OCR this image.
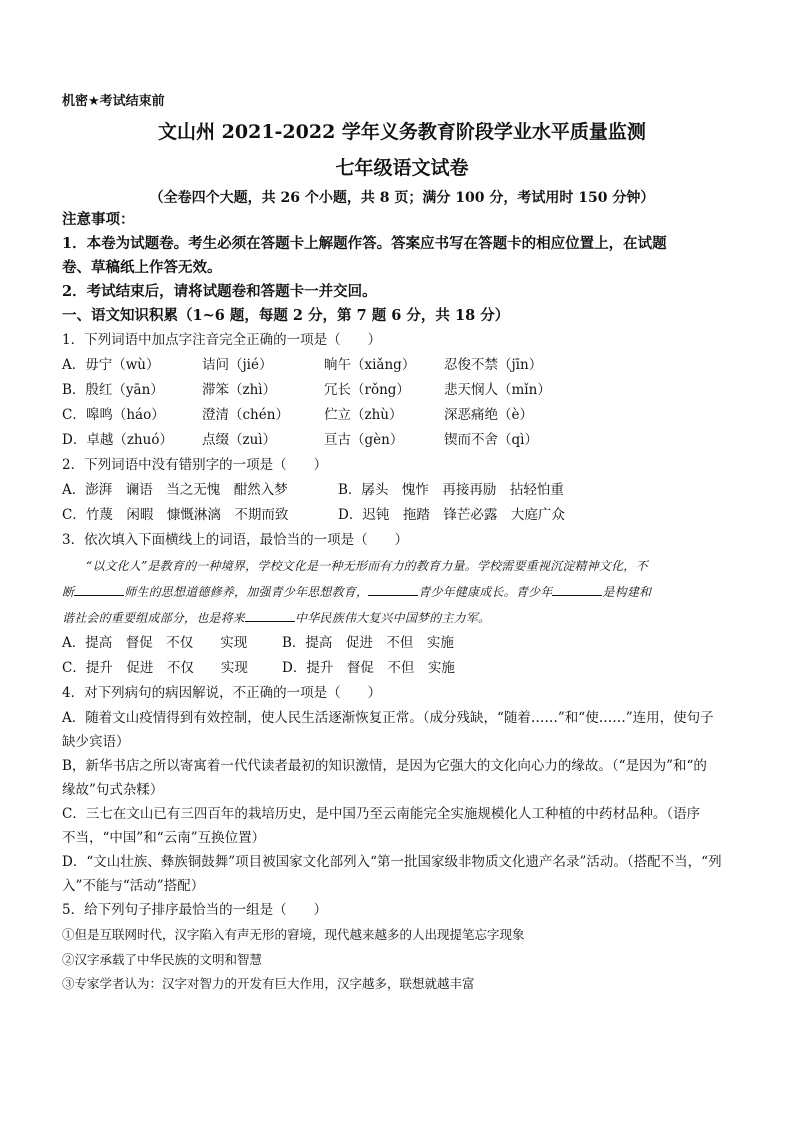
机密★考试结束前
文山州 2021-2022 学年义务教育阶段学业水平质量监测
七年级语文试卷
（全卷四个大题，共 26 个小题，共 8 页；满分 100 分，考试用时 150 分钟）
注意事项：
1．本卷为试题卷。考生必须在答题卡上解题作答。答案应书写在答题卡的相应位置上，在试题
卷、草稿纸上作答无效。
2．考试结束后，请将试题卷和答题卡一并交回。
一、语文知识积累（1~6 题，每题 2 分，第 7 题 6 分，共 18 分）
1．下列词语中加点字注音完全正确的一项是（　　）
A．毋宁（wù）	诘问（jié）	晌午（xiǎng） 忍俊不禁（jīn）
B．殷红（yān）	滞笨（zhì）	冗长（rǒng）	悲天悯人（mǐn）
C．嗥鸣（háo）	澄清（chén）	伫立（zhù）	深恶痛绝（è）
D．卓越（zhuó） 点缀（zuì）	亘古（gèn）	锲而不舍（qì）
2．下列词语中没有错别字的一项是（　　）
A．澎湃　谰语　当之无愧　酣然入梦	B．孱头　愧怍　再接再励　拈轻怕重
C．竹蔑　闲暇　慷慨淋漓　不期而致	D．迟钝　拖踏　锋芒必露　大庭广众
3．依次填入下面横线上的词语，最恰当的一项是（　　）
“以文化人”是教育的一种境界，学校文化是一种无形而有力的教育力量。学校需要重视沉淀精神文化，不
断	师生的思想道德修养，加强青少年思想教育，	青少年健康成长。青少年	是构建和
谐社会的重要组成部分，也是将来	中华民族伟大复兴中国梦的主力军。
A．提高　督促　不仅　　实现	B．提高　促进　不但　实施
C．提升　促进　不仅　　实现	D．提升　督促　不但　实施
4．对下列病句的病因解说，不正确的一项是（　　）
A．随着文山疫情得到有效控制，使人民生活逐渐恢复正常。（成分残缺，“随着……”和“使……”连用，使句子
缺少宾语）
B，新华书店之所以寄寓着一代代读者最初的知识激情，是因为它强大的文化向心力的缘故。（“是因为”和“的
缘故”句式杂糅）
C．三七在文山已有三四百年的栽培历史，是中国乃至云南能完全实施规模化人工种植的中药材品种。（语序
不当，“中国”和“云南”互换位置）
D．“文山壮族、彝族铜鼓舞”项目被国家文化部列入“第一批国家级非物质文化遗产名录”活动。（搭配不当，“列
入”不能与“活动”搭配）
5．给下列句子排序最恰当的一组是（　　）
①但是互联网时代，汉字陷入有声无形的窘境，现代越来越多的人出现提笔忘字现象
②汉字承载了中华民族的文明和智慧
③专家学者认为：汉字对智力的开发有巨大作用，汉字越多，联想就越丰富
